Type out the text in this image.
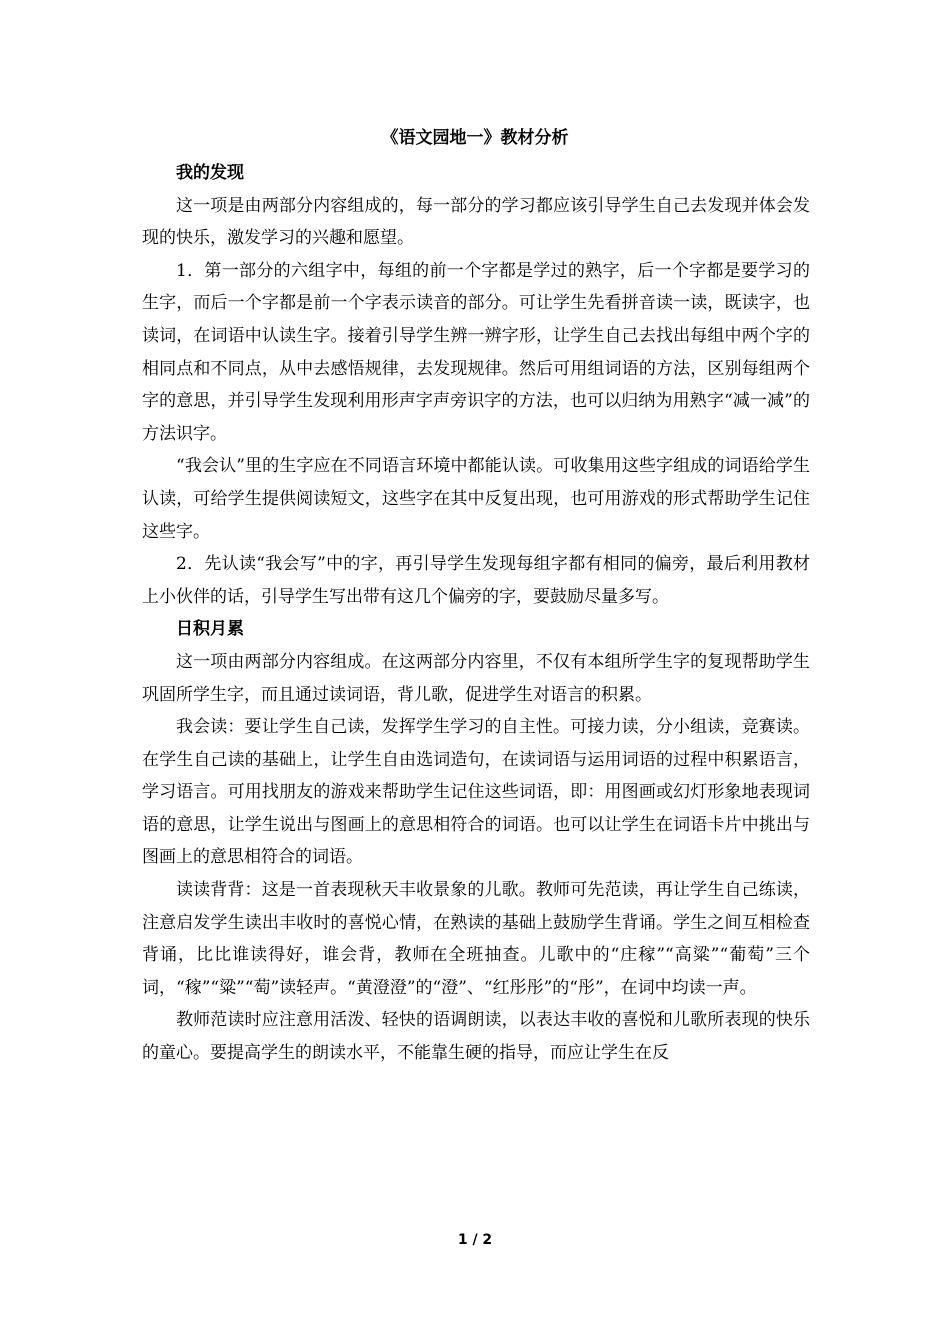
《语文园地一》教材分析
我的发现

这一项是由两部分内容组成的，每一部分的学习都应该引导学生自己去发现并体会发现的快乐，激发学习的兴趣和愿望。

1．第一部分的六组字中，每组的前一个字都是学过的熟字，后一个字都是要学习的生字，而后一个字都是前一个字表示读音的部分。可让学生先看拼音读一读，既读字，也读词，在词语中认读生字。接着引导学生辨一辨字形，让学生自己去找出每组中两个字的相同点和不同点，从中去感悟规律，去发现规律。然后可用组词语的方法，区别每组两个字的意思，并引导学生发现利用形声字声旁识字的方法，也可以归纳为用熟字“减一减”的方法识字。

“我会认”里的生字应在不同语言环境中都能认读。可收集用这些字组成的词语给学生认读，可给学生提供阅读短文，这些字在其中反复出现，也可用游戏的形式帮助学生记住这些字。

2．先认读“我会写”中的字，再引导学生发现每组字都有相同的偏旁，最后利用教材上小伙伴的话，引导学生写出带有这几个偏旁的字，要鼓励尽量多写。

日积月累

这一项由两部分内容组成。在这两部分内容里，不仅有本组所学生字的复现帮助学生巩固所学生字，而且通过读词语，背儿歌，促进学生对语言的积累。

我会读：要让学生自己读，发挥学生学习的自主性。可接力读，分小组读，竞赛读。在学生自己读的基础上，让学生自由选词造句，在读词语与运用词语的过程中积累语言，学习语言。可用找朋友的游戏来帮助学生记住这些词语，即：用图画或幻灯形象地表现词语的意思，让学生说出与图画上的意思相符合的词语。也可以让学生在词语卡片中挑出与图画上的意思相符合的词语。

读读背背：这是一首表现秋天丰收景象的儿歌。教师可先范读，再让学生自己练读，注意启发学生读出丰收时的喜悦心情，在熟读的基础上鼓励学生背诵。学生之间互相检查背诵，比比谁读得好，谁会背，教师在全班抽查。儿歌中的“庄稼”“高粱”“葡萄”三个词，“稼”“粱”“萄”读轻声。“黄澄澄”的“澄”、“红彤彤”的“彤”，在词中均读一声。

教师范读时应注意用活泼、轻快的语调朗读，以表达丰收的喜悦和儿歌所表现的快乐的童心。要提高学生的朗读水平，不能靠生硬的指导，而应让学生在反

1 / 2
